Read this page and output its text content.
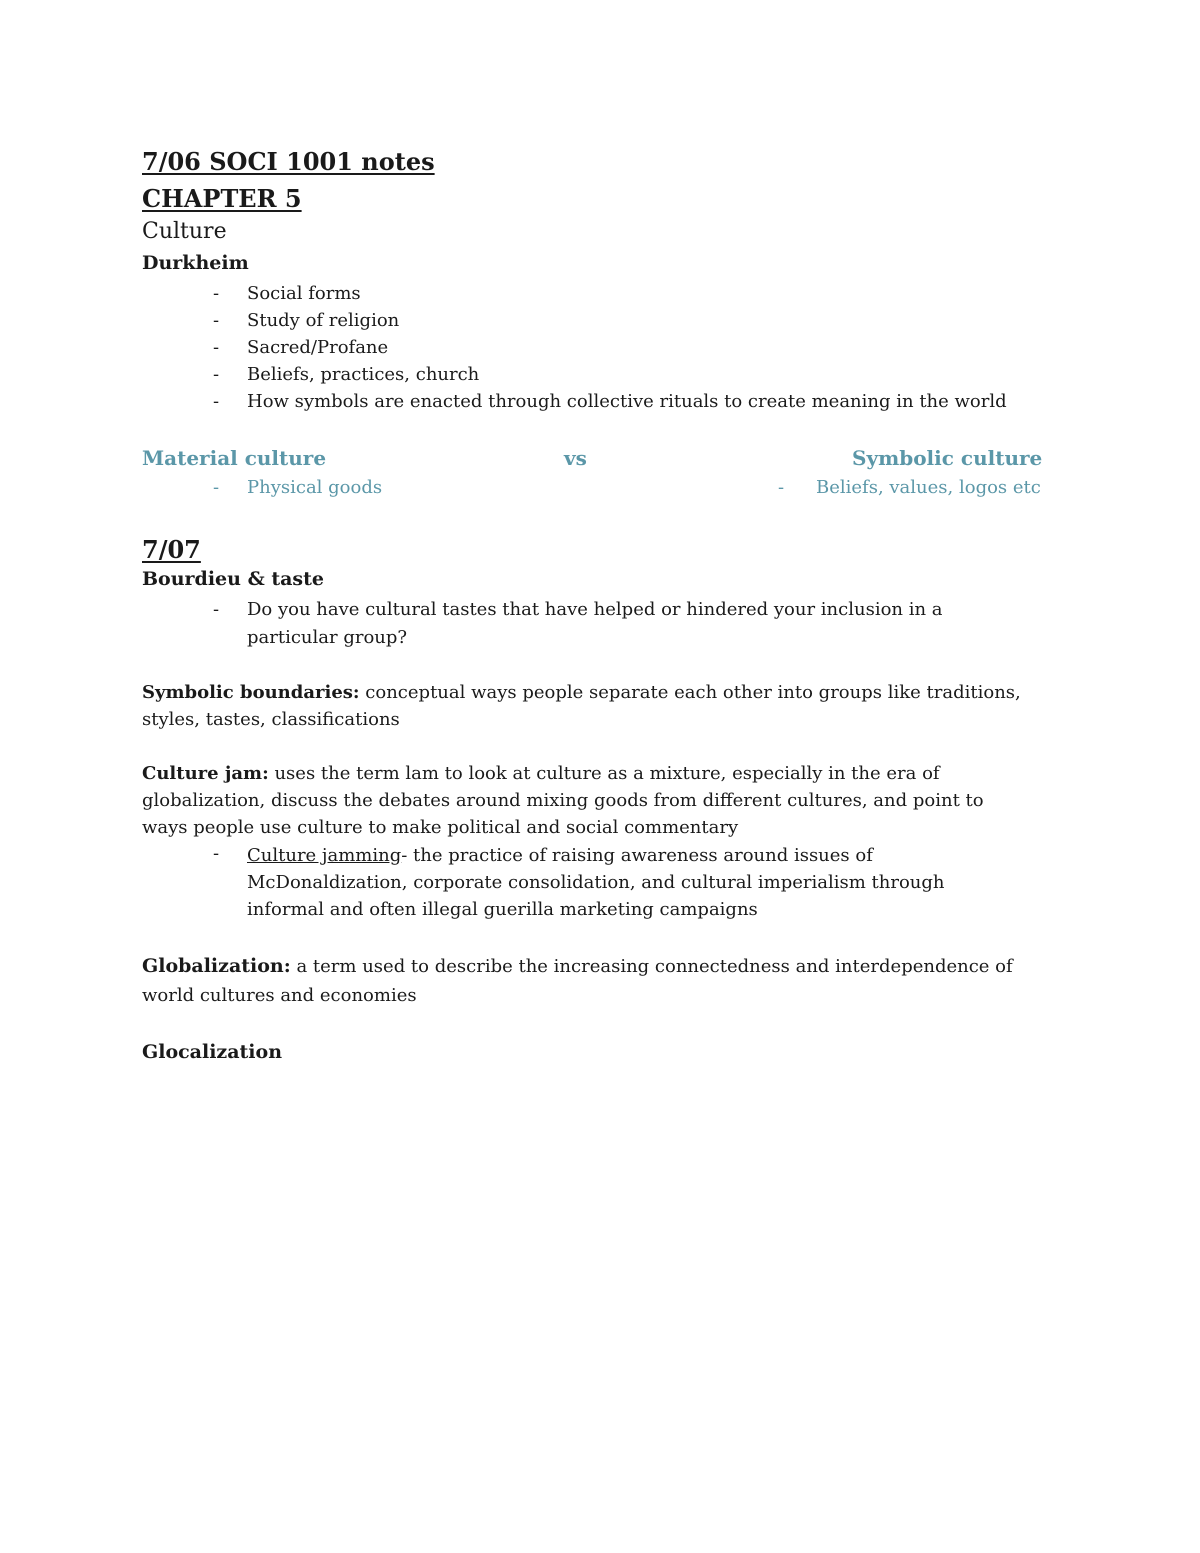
7/06 SOCI 1001 notes
CHAPTER 5
Culture
Durkheim
- Social forms
- Study of religion
- Sacred/Profane
- Beliefs, practices, church
- How symbols are enacted through collective rituals to create meaning in the world
Material culture	vs	Symbolic culture
- Physical goods	- Beliefs, values, logos etc
7/07
Bourdieu & taste
- Do you have cultural tastes that have helped or hindered your inclusion in a
particular group?
Symbolic boundaries: conceptual ways people separate each other into groups like traditions, styles, tastes, classifications
Culture jam: uses the term lam to look at culture as a mixture, especially in the era of globalization, discuss the debates around mixing goods from different cultures, and point to ways people use culture to make political and social commentary
- Culture jamming- the practice of raising awareness around issues of McDonaldization, corporate consolidation, and cultural imperialism through informal and often illegal guerilla marketing campaigns
Globalization: a term used to describe the increasing connectedness and interdependence of world cultures and economies
Glocalization
